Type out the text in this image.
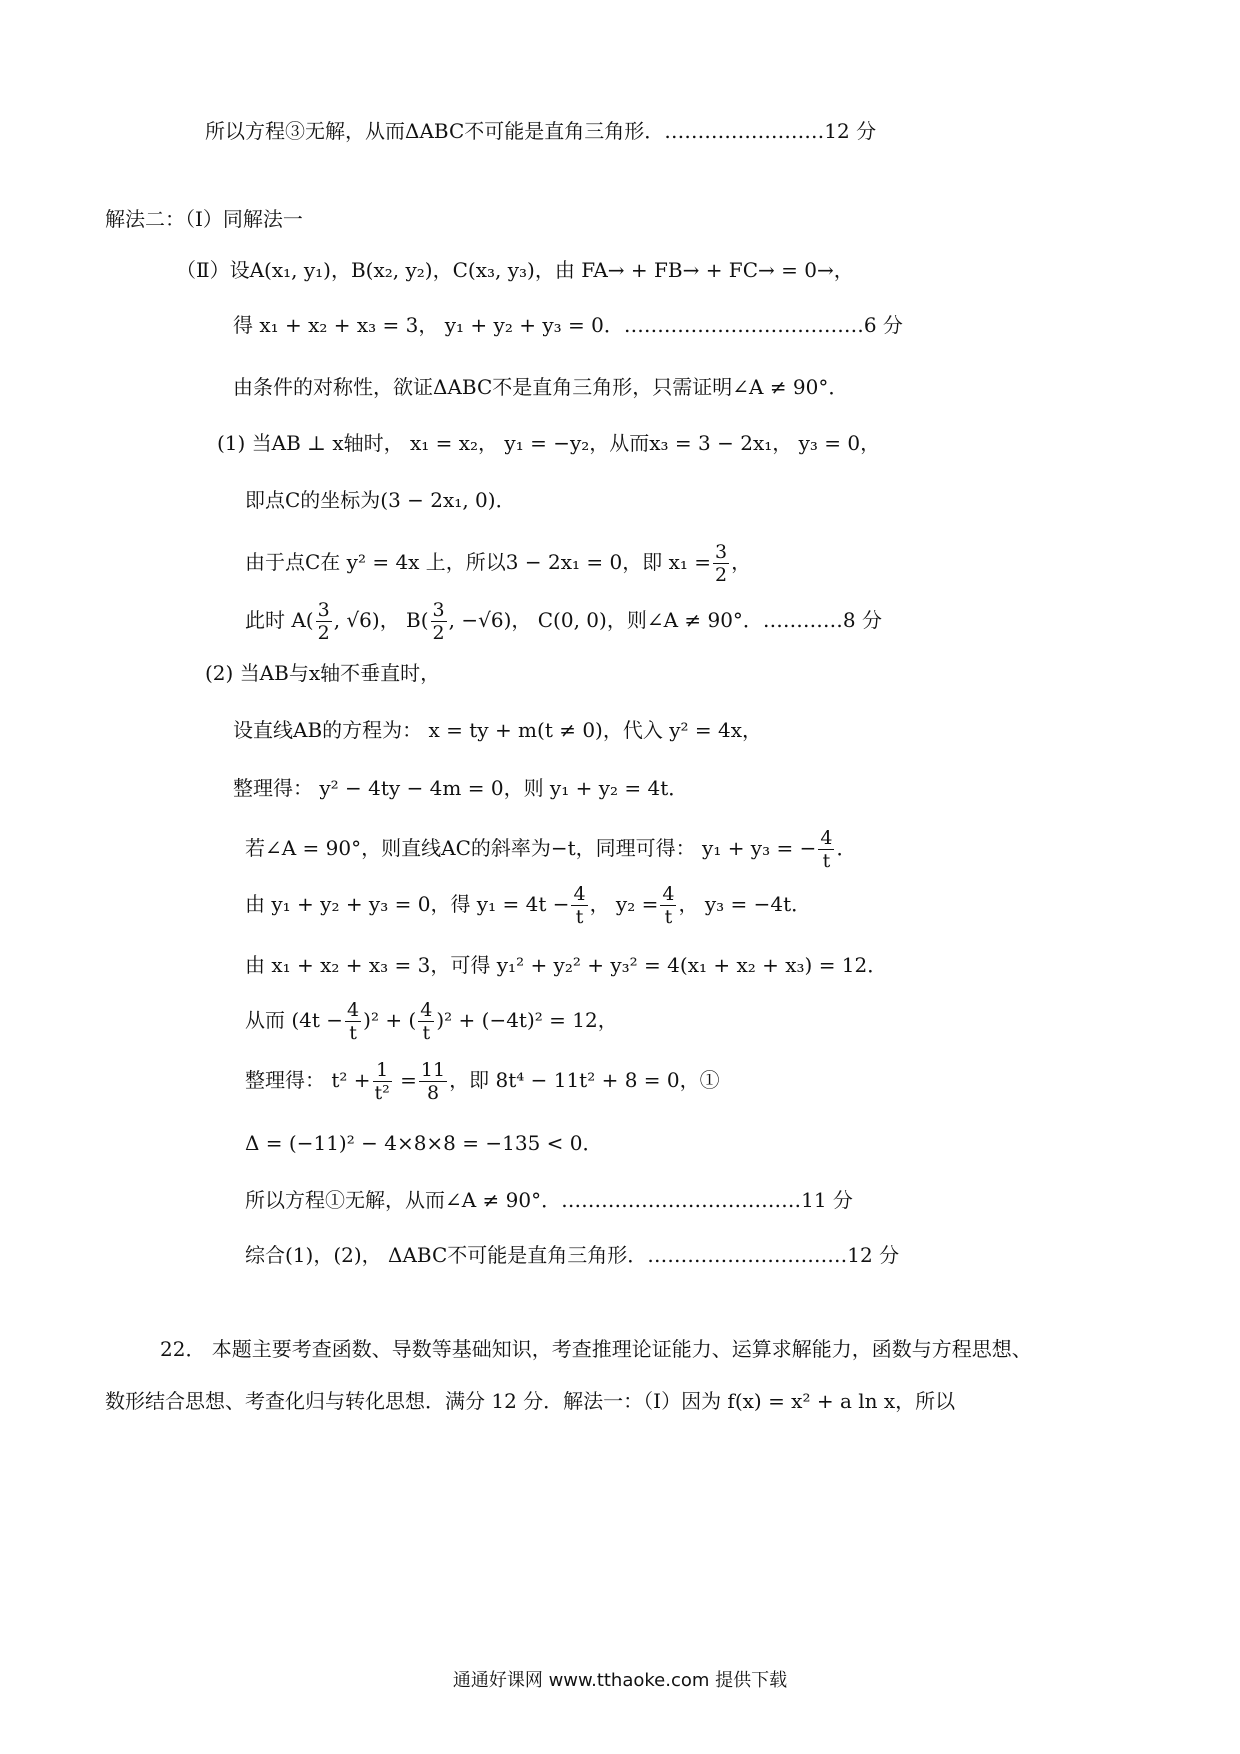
所以方程③无解，从而ΔABC不可能是直角三角形．……………………12 分
解法二：（Ⅰ）同解法一
（Ⅱ）设A(x₁, y₁)，B(x₂, y₂)，C(x₃, y₃)，由 FA→ + FB→ + FC→ = 0→，
得 x₁ + x₂ + x₃ = 3， y₁ + y₂ + y₃ = 0．………………………………6 分
由条件的对称性，欲证ΔABC不是直角三角形，只需证明∠A ≠ 90°．
(1) 当AB ⊥ x轴时， x₁ = x₂， y₁ = −y₂，从而x₃ = 3 − 2x₁， y₃ = 0，
即点C的坐标为(3 − 2x₁, 0)．
由于点C在 y² = 4x 上，所以3 − 2x₁ = 0，即 $x_1 = \frac{3}{2}$ ，
此时 $A( \frac{3}{2}$ , √6)， $B( \frac{3}{2}$ , −√6)， C(0, 0)，则∠A ≠ 90°．…………8 分
(2) 当AB与x轴不垂直时，
设直线AB的方程为： x = ty + m(t ≠ 0)，代入 y² = 4x，
整理得： y² − 4ty − 4m = 0，则 y₁ + y₂ = 4t．
若∠A = 90°，则直线AC的斜率为−t，同理可得： y₁ + y₃ = − $\frac{4}{t}$ ．
由 y₁ + y₂ + y₃ = 0，得 $y_1 = 4t - \frac{4}{t}$ ， $y_2 = \frac{4}{t}$ ， y₃ = −4t．
由 x₁ + x₂ + x₃ = 3，可得 y₁² + y₂² + y₃² = 4(x₁ + x₂ + x₃) = 12．
从而 $(4t - \frac{4}{t} )^2$ + ( $\frac{4}{t} )^2 + (-4t)^2 = 12$，
整理得： $t^2 + \frac{1}{\text{t²}} = \frac{11}{8}$ ，即 8t⁴ − 11t² + 8 = 0，①
Δ = (−11)² − 4×8×8 = −135 < 0．
所以方程①无解，从而∠A ≠ 90°．………………………………11 分
综合(1)，(2)， ΔABC不可能是直角三角形．…………………………12 分
22． 本题主要考查函数、导数等基础知识，考查推理论证能力、运算求解能力，函数与方程思想、
数形结合思想、考查化归与转化思想．满分 12 分．解法一：（Ⅰ）因为 f(x) = x² + a ln x，所以
通通好课网 www.tthaoke.com 提供下载
